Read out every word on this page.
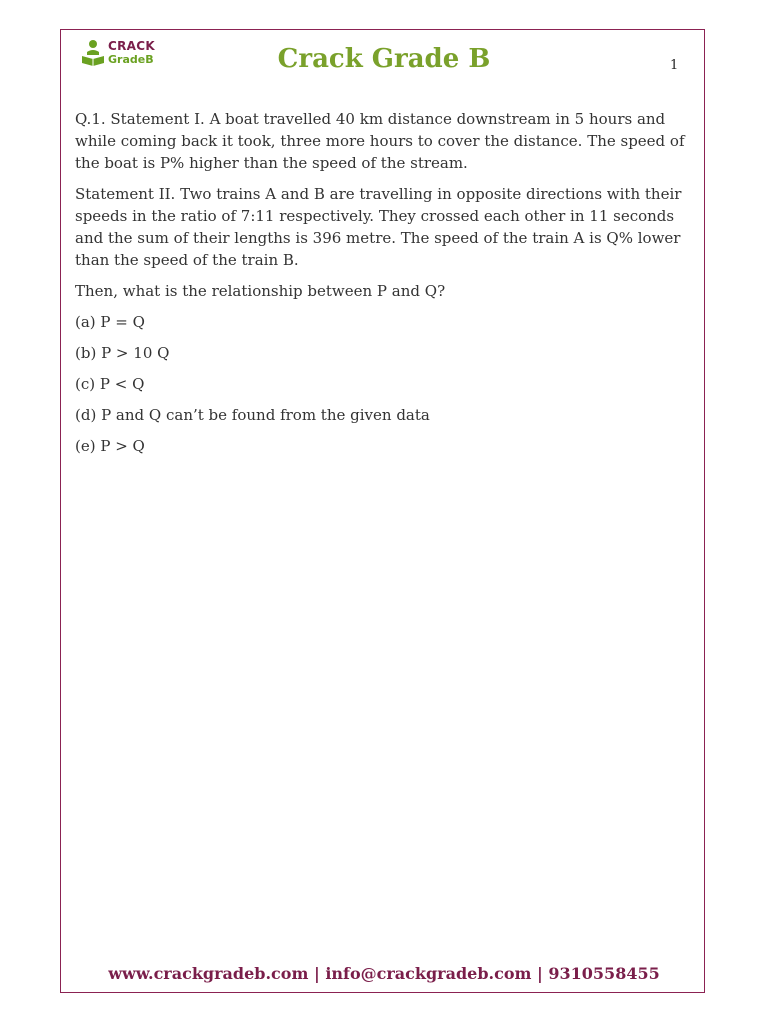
CRACK
GradeB	Crack Grade B	1

Q.1. Statement I. A boat travelled 40 km distance downstream in 5 hours and while coming back it took, three more hours to cover the distance. The speed of the boat is P% higher than the speed of the stream.

Statement II. Two trains A and B are travelling in opposite directions with their speeds in the ratio of 7:11 respectively. They crossed each other in 11 seconds and the sum of their lengths is 396 metre. The speed of the train A is Q% lower than the speed of the train B.

Then, what is the relationship between P and Q?

(a) P = Q
(b) P > 10 Q
(c) P < Q
(d) P and Q can’t be found from the given data
(e) P > Q
www.crackgradeb.com | info@crackgradeb.com | 9310558455
